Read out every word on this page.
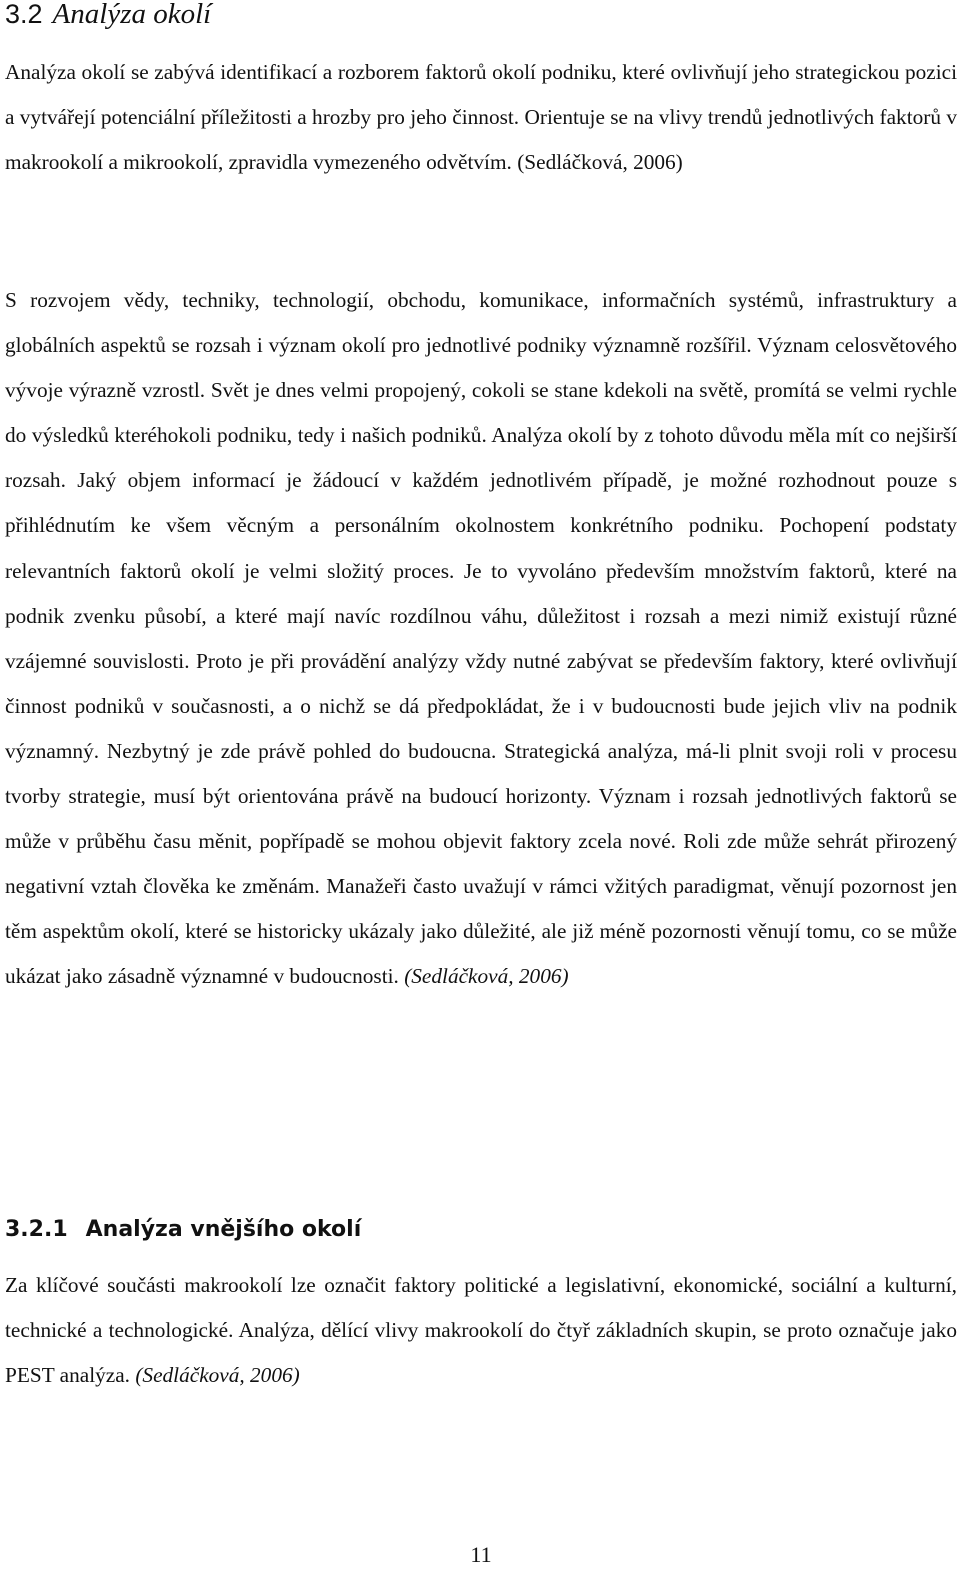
3.2 Analýza okolí

Analýza okolí se zabývá identifikací a rozborem faktorů okolí podniku, které ovlivňují jeho strategickou pozici a vytvářejí potenciální příležitosti a hrozby pro jeho činnost. Orientuje se na vlivy trendů jednotlivých faktorů v makrookolí a mikrookolí, zpravidla vymezeného odvětvím. (Sedláčková, 2006)

S rozvojem vědy, techniky, technologií, obchodu, komunikace, informačních systémů, infrastruktury a globálních aspektů se rozsah i význam okolí pro jednotlivé podniky významně rozšířil. Význam celosvětového vývoje výrazně vzrostl. Svět je dnes velmi propojený, cokoli se stane kdekoli na světě, promítá se velmi rychle do výsledků kteréhokoli podniku, tedy i našich podniků. Analýza okolí by z tohoto důvodu měla mít co nejširší rozsah. Jaký objem informací je žádoucí v každém jednotlivém případě, je možné rozhodnout pouze s přihlédnutím ke všem věcným a personálním okolnostem konkrétního podniku. Pochopení podstaty relevantních faktorů okolí je velmi složitý proces. Je to vyvoláno především množstvím faktorů, které na podnik zvenku působí, a které mají navíc rozdílnou váhu, důležitost i rozsah a mezi nimiž existují různé vzájemné souvislosti. Proto je při provádění analýzy vždy nutné zabývat se především faktory, které ovlivňují činnost podniků v současnosti, a o nichž se dá předpokládat, že i v budoucnosti bude jejich vliv na podnik významný. Nezbytný je zde právě pohled do budoucna. Strategická analýza, má-li plnit svoji roli v procesu tvorby strategie, musí být orientována právě na budoucí horizonty. Význam i rozsah jednotlivých faktorů se může v průběhu času měnit, popřípadě se mohou objevit faktory zcela nové. Roli zde může sehrát přirozený negativní vztah člověka ke změnám. Manažeři často uvažují v rámci vžitých paradigmat, věnují pozornost jen těm aspektům okolí, které se historicky ukázaly jako důležité, ale již méně pozornosti věnují tomu, co se může ukázat jako zásadně významné v budoucnosti. (Sedláčková, 2006)

3.2.1 Analýza vnějšího okolí

Za klíčové součásti makrookolí lze označit faktory politické a legislativní, ekonomické, sociální a kulturní, technické a technologické. Analýza, dělící vlivy makrookolí do čtyř základních skupin, se proto označuje jako PEST analýza. (Sedláčková, 2006)

11
